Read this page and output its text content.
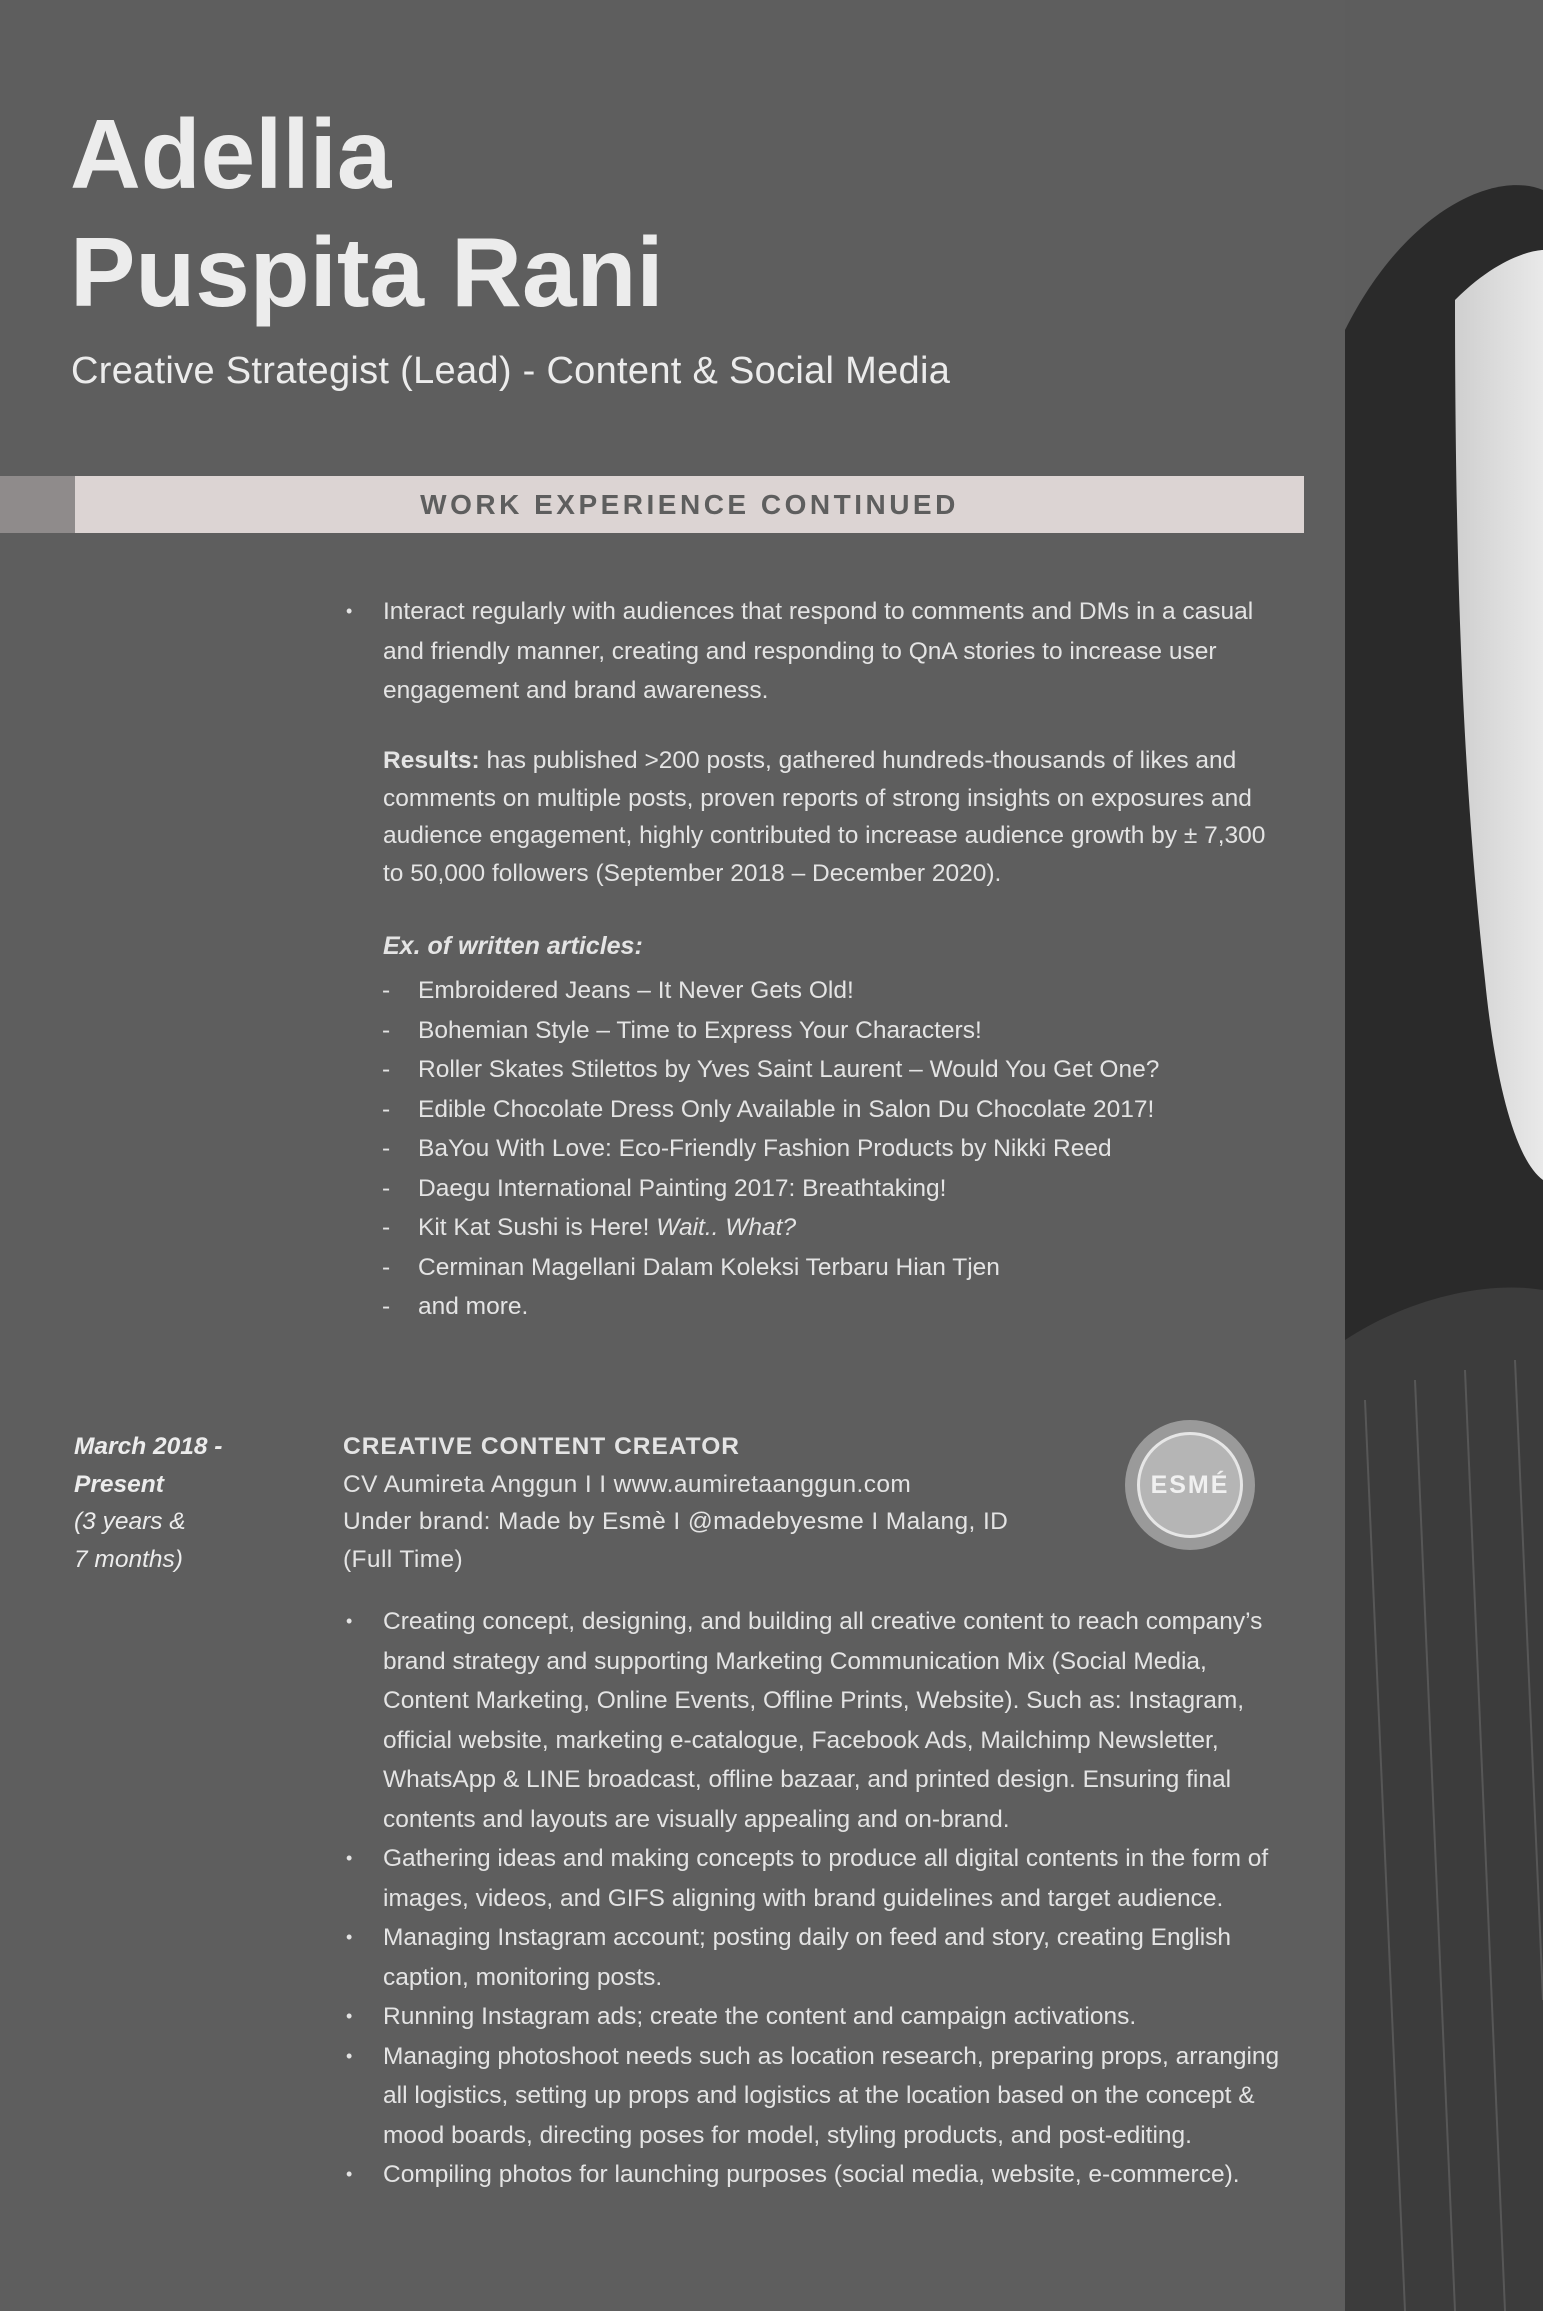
Adellia
Puspita Rani
Creative Strategist (Lead) - Content & Social Media
WORK EXPERIENCE CONTINUED
• Interact regularly with audiences that respond to comments and DMs in a casual and friendly manner, creating and responding to QnA stories to increase user engagement and brand awareness.
Results: has published >200 posts, gathered hundreds-thousands of likes and comments on multiple posts, proven reports of strong insights on exposures and audience engagement, highly contributed to increase audience growth by ± 7,300 to 50,000 followers (September 2018 – December 2020).
Ex. of written articles:
- Embroidered Jeans – It Never Gets Old!
- Bohemian Style – Time to Express Your Characters!
- Roller Skates Stilettos by Yves Saint Laurent – Would You Get One?
- Edible Chocolate Dress Only Available in Salon Du Chocolate 2017!
- BaYou With Love: Eco-Friendly Fashion Products by Nikki Reed
- Daegu International Painting 2017: Breathtaking!
- Kit Kat Sushi is Here! Wait.. What?
- Cerminan Magellani Dalam Koleksi Terbaru Hian Tjen
- and more.
March 2018 -
Present
(3 years &
7 months)
CREATIVE CONTENT CREATOR
CV Aumireta Anggun I I www.aumiretaanggun.com
Under brand: Made by Esmè I @madebyesme I Malang, ID
(Full Time)
ESMÉ
• Creating concept, designing, and building all creative content to reach company’s brand strategy and supporting Marketing Communication Mix (Social Media, Content Marketing, Online Events, Offline Prints, Website). Such as: Instagram, official website, marketing e-catalogue, Facebook Ads, Mailchimp Newsletter, WhatsApp & LINE broadcast, offline bazaar, and printed design. Ensuring final contents and layouts are visually appealing and on-brand.
• Gathering ideas and making concepts to produce all digital contents in the form of images, videos, and GIFS aligning with brand guidelines and target audience.
• Managing Instagram account; posting daily on feed and story, creating English caption, monitoring posts.
• Running Instagram ads; create the content and campaign activations.
• Managing photoshoot needs such as location research, preparing props, arranging all logistics, setting up props and logistics at the location based on the concept & mood boards, directing poses for model, styling products, and post-editing.
• Compiling photos for launching purposes (social media, website, e-commerce).
